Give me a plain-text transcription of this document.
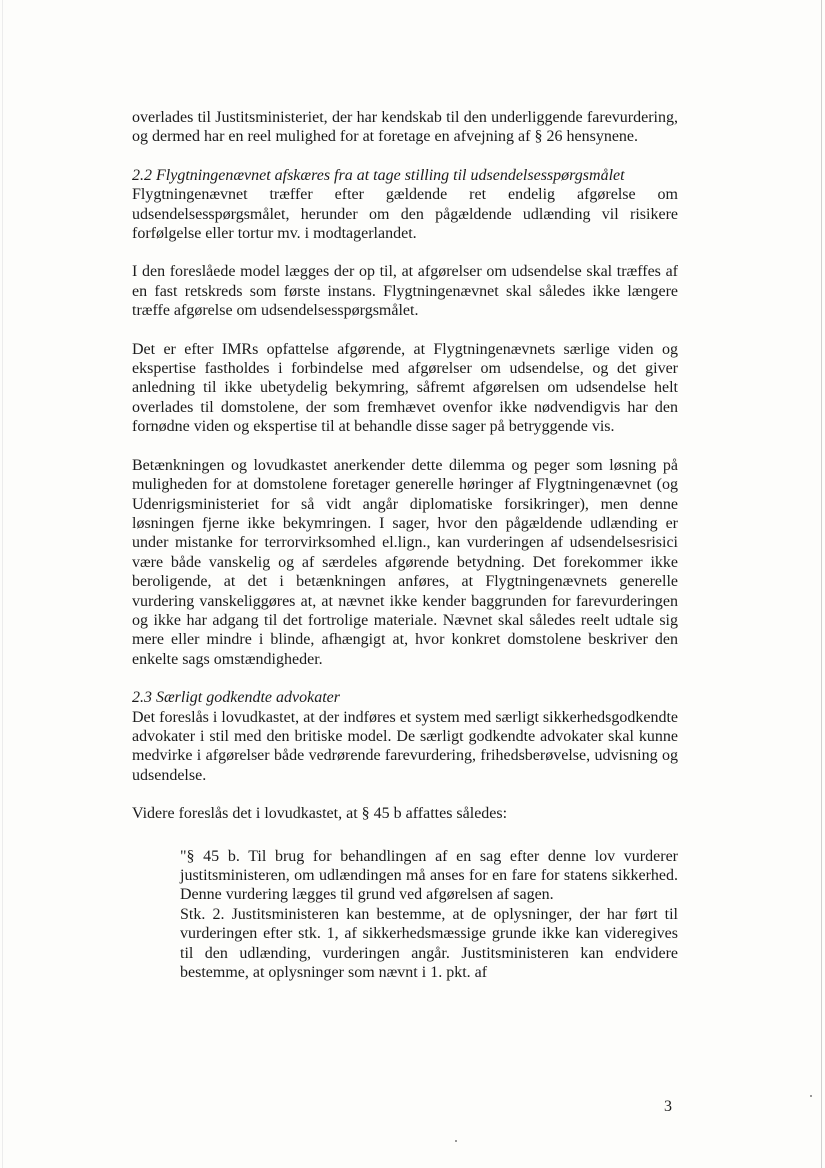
overlades til Justitsministeriet, der har kendskab til den underliggende farevurdering, og dermed har en reel mulighed for at foretage en afvejning af § 26 hensynene.

2.2 Flygtningenævnet afskæres fra at tage stilling til udsendelsesspørgsmålet

Flygtningenævnet træffer efter gældende ret endelig afgørelse om udsendelsesspørgsmålet, herunder om den pågældende udlænding vil risikere forfølgelse eller tortur mv. i modtagerlandet.

I den foreslåede model lægges der op til, at afgørelser om udsendelse skal træffes af en fast retskreds som første instans. Flygtningenævnet skal således ikke længere træffe afgørelse om udsendelsesspørgsmålet.

Det er efter IMRs opfattelse afgørende, at Flygtningenævnets særlige viden og ekspertise fastholdes i forbindelse med afgørelser om udsendelse, og det giver anledning til ikke ubetydelig bekymring, såfremt afgørelsen om udsendelse helt overlades til domstolene, der som fremhævet ovenfor ikke nødvendigvis har den fornødne viden og ekspertise til at behandle disse sager på betryggende vis.

Betænkningen og lovudkastet anerkender dette dilemma og peger som løsning på muligheden for at domstolene foretager generelle høringer af Flygtningenævnet (og Udenrigsministeriet for så vidt angår diplomatiske forsikringer), men denne løsningen fjerne ikke bekymringen. I sager, hvor den pågældende udlænding er under mistanke for terrorvirksomhed el.lign., kan vurderingen af udsendelsesrisici være både vanskelig og af særdeles afgørende betydning. Det forekommer ikke beroligende, at det i betænkningen anføres, at Flygtningenævnets generelle vurdering vanskeliggøres at, at nævnet ikke kender baggrunden for farevurderingen og ikke har adgang til det fortrolige materiale. Nævnet skal således reelt udtale sig mere eller mindre i blinde, afhængigt at, hvor konkret domstolene beskriver den enkelte sags omstændigheder.

2.3 Særligt godkendte advokater

Det foreslås i lovudkastet, at der indføres et system med særligt sikkerhedsgodkendte advokater i stil med den britiske model. De særligt godkendte advokater skal kunne medvirke i afgørelser både vedrørende farevurdering, frihedsberøvelse, udvisning og udsendelse.

Videre foreslås det i lovudkastet, at § 45 b affattes således:

"§ 45 b. Til brug for behandlingen af en sag efter denne lov vurderer justitsministeren, om udlændingen må anses for en fare for statens sikkerhed. Denne vurdering lægges til grund ved afgørelsen af sagen.

Stk. 2. Justitsministeren kan bestemme, at de oplysninger, der har ført til vurderingen efter stk. 1, af sikkerhedsmæssige grunde ikke kan videregives til den udlænding, vurderingen angår. Justitsministeren kan endvidere bestemme, at oplysninger som nævnt i 1. pkt. af

3
